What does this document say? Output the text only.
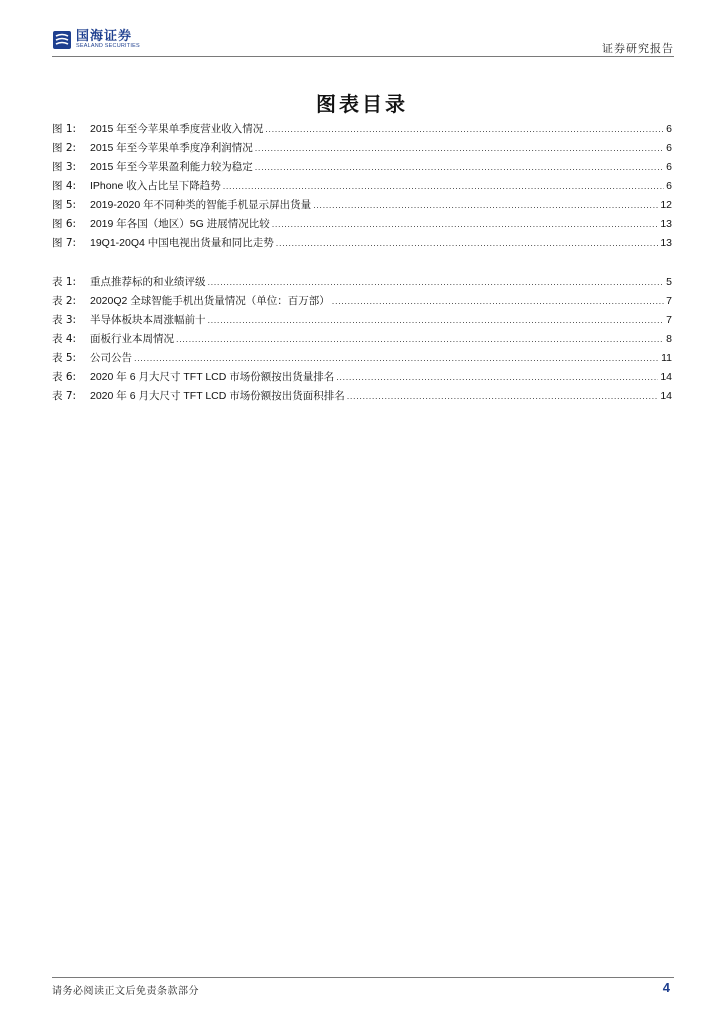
国海证券
SEALAND SECURITIES	证券研究报告
图表目录
图 1:	2015 年至今苹果单季度营业收入情况 .....	6
图 2:	2015 年至今苹果单季度净利润情况 .....	6
图 3:	2015 年至今苹果盈利能力较为稳定 .....	6
图 4:	IPhone 收入占比呈下降趋势 .....	6
图 5:	2019-2020 年不同种类的智能手机显示屏出货量 .....	12
图 6:	2019 年各国（地区）5G 进展情况比较 .....	13
图 7:	19Q1-20Q4 中国电视出货量和同比走势 .....	13
表 1:	重点推荐标的和业绩评级 .....	5
表 2:	2020Q2 全球智能手机出货量情况（单位：百万部） .....	7
表 3:	半导体板块本周涨幅前十 .....	7
表 4:	面板行业本周情况 .....	8
表 5:	公司公告 .....	11
表 6:	2020 年 6 月大尺寸 TFT LCD 市场份额按出货量排名 .....	14
表 7:	2020 年 6 月大尺寸 TFT LCD 市场份额按出货面积排名 .....	14
请务必阅读正文后免责条款部分	4
